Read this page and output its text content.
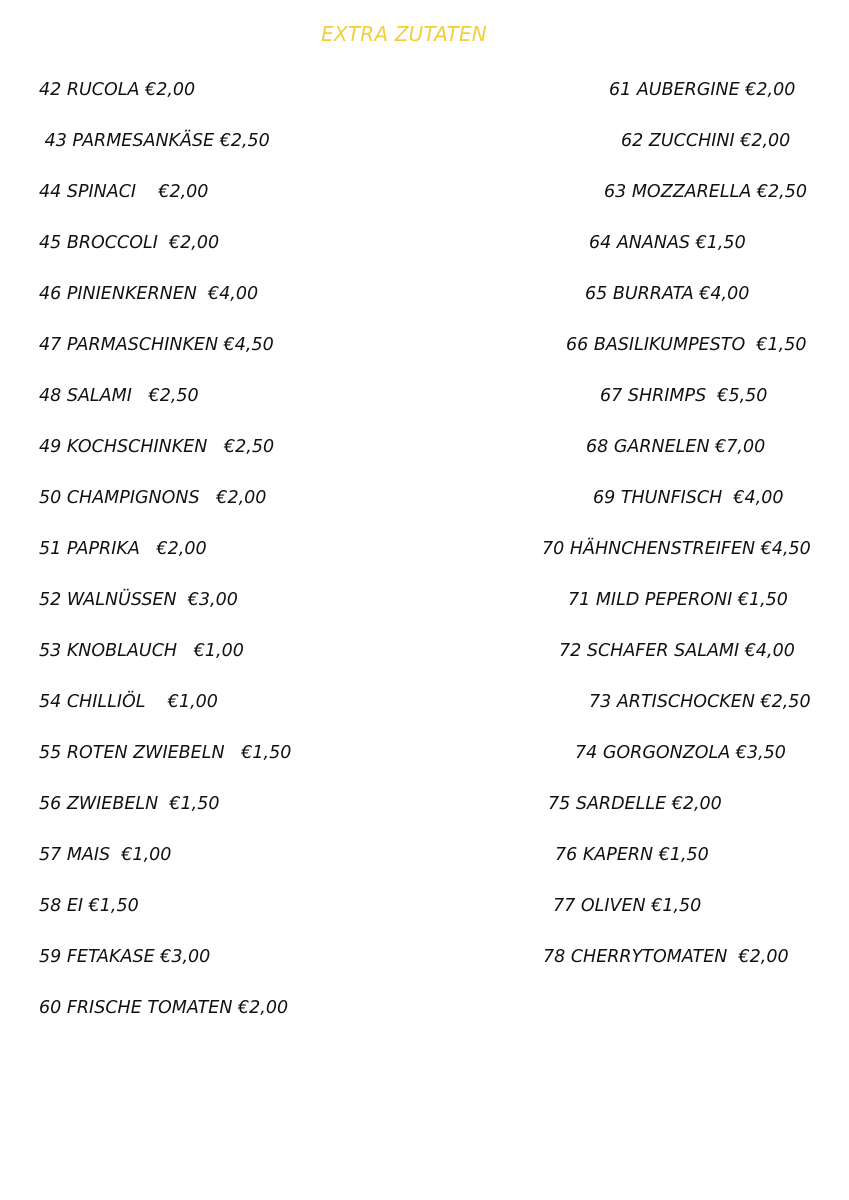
EXTRA ZUTATEN
42 RUCOLA €2,00
43 PARMESANKÄSE €2,50
44 SPINACI    €2,00
45 BROCCOLI  €2,00
46 PINIENKERNEN  €4,00
47 PARMASCHINKEN €4,50
48 SALAMI   €2,50
49 KOCHSCHINKEN   €2,50
50 CHAMPIGNONS   €2,00
51 PAPRIKA   €2,00
52 WALNÜSSEN  €3,00
53 KNOBLAUCH   €1,00
54 CHILLIÖL    €1,00
55 ROTEN ZWIEBELN   €1,50
56 ZWIEBELN  €1,50
57 MAIS  €1,00
58 EI €1,50
59 FETAKASE €3,00
60 FRISCHE TOMATEN €2,00
61 AUBERGINE €2,00
62 ZUCCHINI €2,00
63 MOZZARELLA €2,50
64 ANANAS €1,50
65 BURRATA €4,00
66 BASILIKUMPESTO  €1,50
67 SHRIMPS  €5,50
68 GARNELEN €7,00
69 THUNFISCH  €4,00
70 HÄHNCHENSTREIFEN €4,50
71 MILD PEPERONI €1,50
72 SCHAFER SALAMI €4,00
73 ARTISCHOCKEN €2,50
74 GORGONZOLA €3,50
75 SARDELLE €2,00
76 KAPERN €1,50
77 OLIVEN €1,50
78 CHERRYTOMATEN  €2,00
